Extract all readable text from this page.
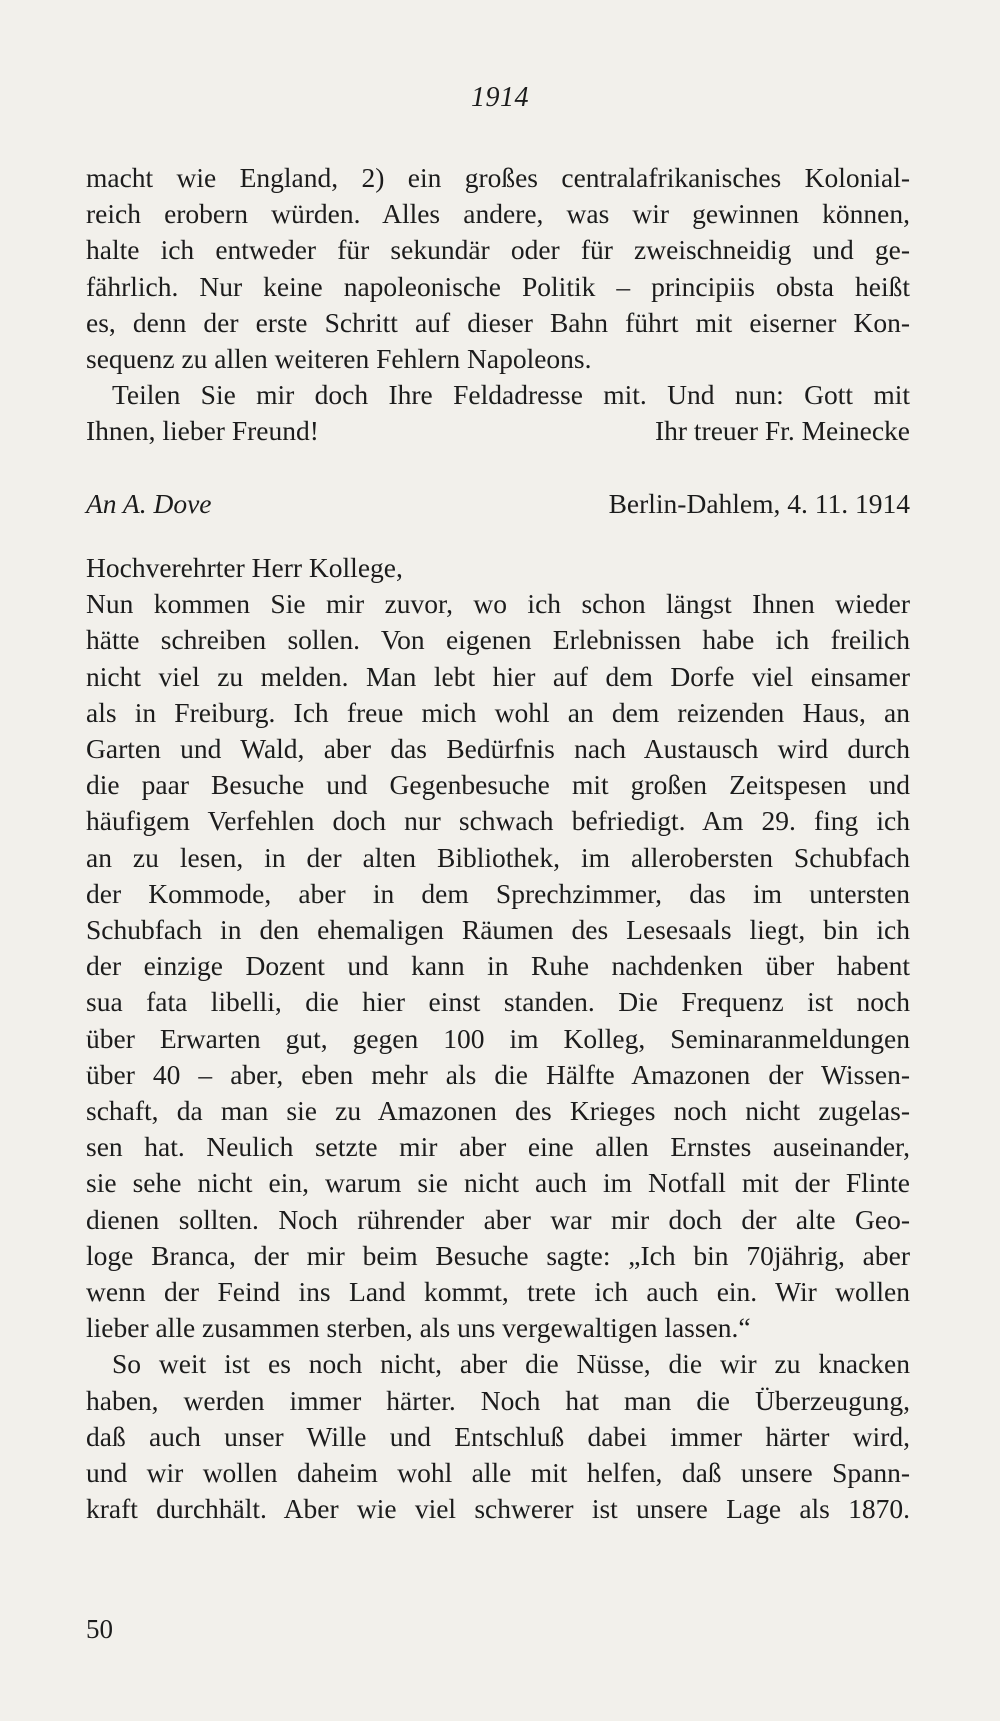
1914
macht wie England, 2) ein großes centralafrikanisches Kolonial-
reich erobern würden. Alles andere, was wir gewinnen können,
halte ich entweder für sekundär oder für zweischneidig und ge-
fährlich. Nur keine napoleonische Politik – principiis obsta heißt
es, denn der erste Schritt auf dieser Bahn führt mit eiserner Kon-
sequenz zu allen weiteren Fehlern Napoleons.
Teilen Sie mir doch Ihre Feldadresse mit. Und nun: Gott mit
Ihnen, lieber Freund!	Ihr treuer Fr. Meinecke
An A. Dove	Berlin-Dahlem, 4. 11. 1914
Hochverehrter Herr Kollege,
Nun kommen Sie mir zuvor, wo ich schon längst Ihnen wieder
hätte schreiben sollen. Von eigenen Erlebnissen habe ich freilich
nicht viel zu melden. Man lebt hier auf dem Dorfe viel einsamer
als in Freiburg. Ich freue mich wohl an dem reizenden Haus, an
Garten und Wald, aber das Bedürfnis nach Austausch wird durch
die paar Besuche und Gegenbesuche mit großen Zeitspesen und
häufigem Verfehlen doch nur schwach befriedigt. Am 29. fing ich
an zu lesen, in der alten Bibliothek, im allerobersten Schubfach
der Kommode, aber in dem Sprechzimmer, das im untersten
Schubfach in den ehemaligen Räumen des Lesesaals liegt, bin ich
der einzige Dozent und kann in Ruhe nachdenken über habent
sua fata libelli, die hier einst standen. Die Frequenz ist noch
über Erwarten gut, gegen 100 im Kolleg, Seminaranmeldungen
über 40 – aber, eben mehr als die Hälfte Amazonen der Wissen-
schaft, da man sie zu Amazonen des Krieges noch nicht zugelas-
sen hat. Neulich setzte mir aber eine allen Ernstes auseinander,
sie sehe nicht ein, warum sie nicht auch im Notfall mit der Flinte
dienen sollten. Noch rührender aber war mir doch der alte Geo-
loge Branca, der mir beim Besuche sagte: „Ich bin 70jährig, aber
wenn der Feind ins Land kommt, trete ich auch ein. Wir wollen
lieber alle zusammen sterben, als uns vergewaltigen lassen.“
So weit ist es noch nicht, aber die Nüsse, die wir zu knacken
haben, werden immer härter. Noch hat man die Überzeugung,
daß auch unser Wille und Entschluß dabei immer härter wird,
und wir wollen daheim wohl alle mit helfen, daß unsere Spann-
kraft durchhält. Aber wie viel schwerer ist unsere Lage als 1870.
50
